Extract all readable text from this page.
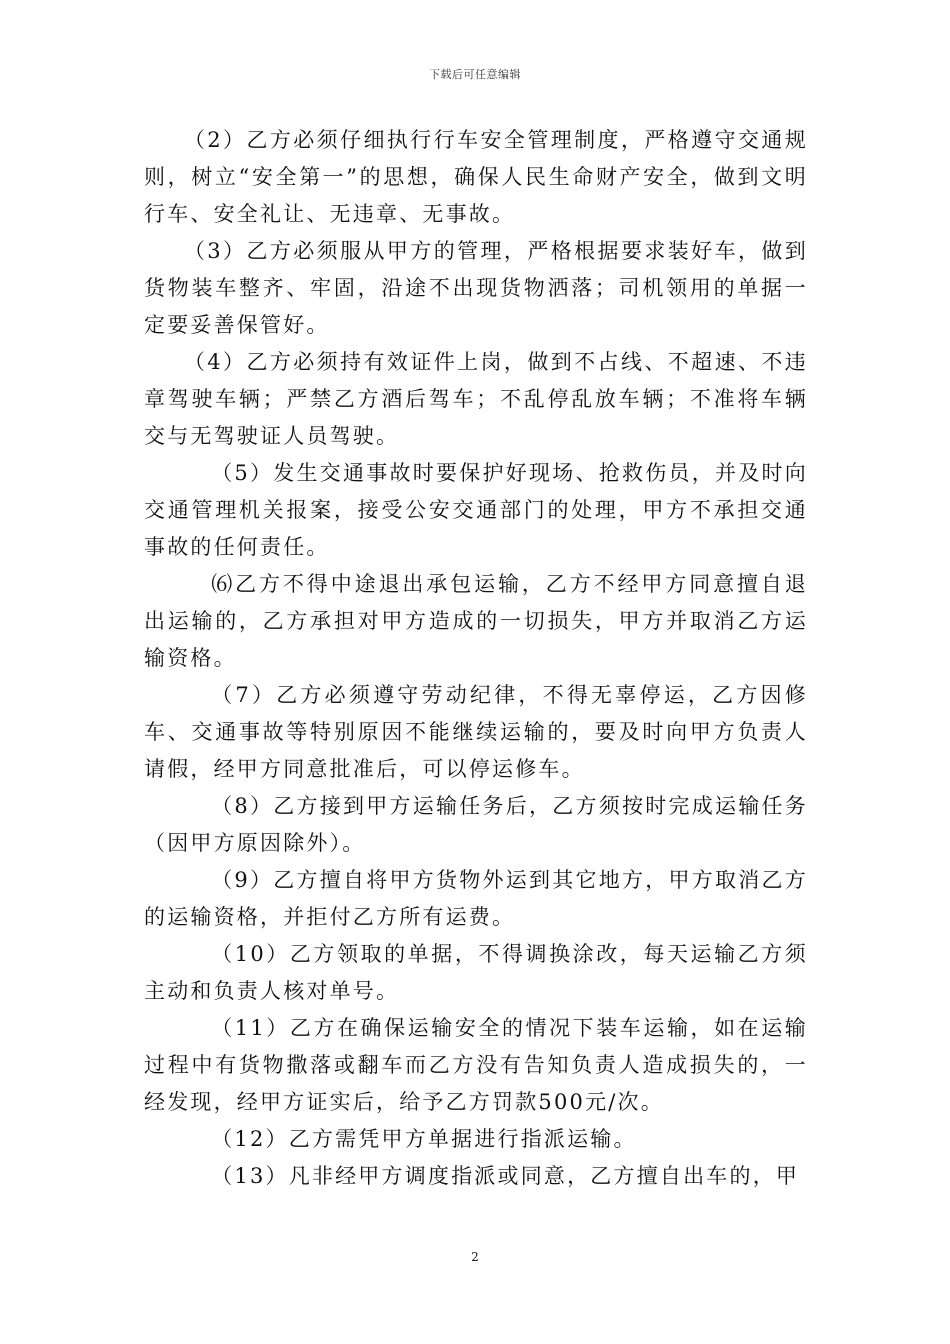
下载后可任意编辑

（2）乙方必须仔细执行行车安全管理制度，严格遵守交通规则，树立“安全第一”的思想，确保人民生命财产安全，做到文明行车、安全礼让、无违章、无事故。

（3）乙方必须服从甲方的管理，严格根据要求装好车，做到货物装车整齐、牢固，沿途不出现货物洒落；司机领用的单据一定要妥善保管好。

（4）乙方必须持有效证件上岗，做到不占线、不超速、不违章驾驶车辆；严禁乙方酒后驾车；不乱停乱放车辆；不准将车辆交与无驾驶证人员驾驶。

（5）发生交通事故时要保护好现场、抢救伤员，并及时向交通管理机关报案，接受公安交通部门的处理，甲方不承担交通事故的任何责任。

⑹乙方不得中途退出承包运输，乙方不经甲方同意擅自退出运输的，乙方承担对甲方造成的一切损失，甲方并取消乙方运输资格。

（7）乙方必须遵守劳动纪律，不得无辜停运，乙方因修车、交通事故等特别原因不能继续运输的，要及时向甲方负责人请假，经甲方同意批准后，可以停运修车。

（8）乙方接到甲方运输任务后，乙方须按时完成运输任务（因甲方原因除外）。

（9）乙方擅自将甲方货物外运到其它地方，甲方取消乙方的运输资格，并拒付乙方所有运费。

（10）乙方领取的单据，不得调换涂改，每天运输乙方须主动和负责人核对单号。

（11）乙方在确保运输安全的情况下装车运输，如在运输过程中有货物撒落或翻车而乙方没有告知负责人造成损失的，一经发现，经甲方证实后，给予乙方罚款500元/次。

（12）乙方需凭甲方单据进行指派运输。

（13）凡非经甲方调度指派或同意，乙方擅自出车的，甲

2
